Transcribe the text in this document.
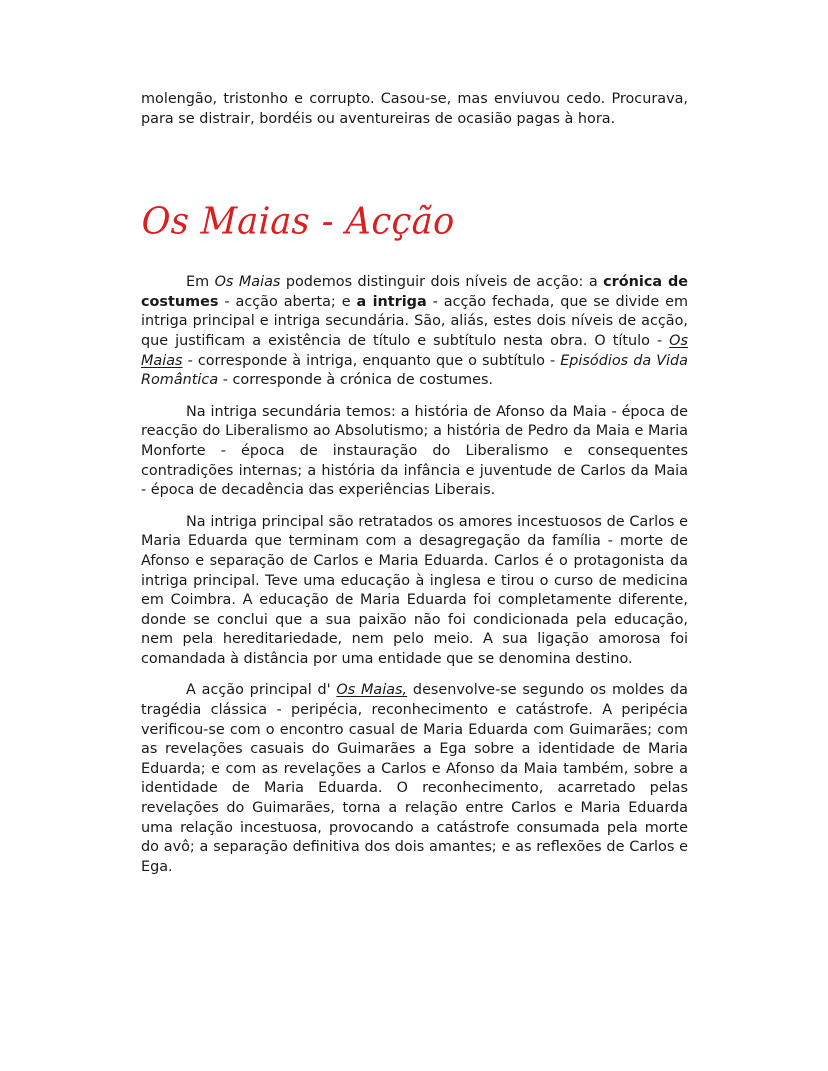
molengão, tristonho e corrupto. Casou-se, mas enviuvou cedo. Procurava, para se distrair, bordéis ou aventureiras de ocasião pagas à hora.

Os Maias - Acção

Em Os Maias podemos distinguir dois níveis de acção: a crónica de costumes - acção aberta; e a intriga - acção fechada, que se divide em intriga principal e intriga secundária. São, aliás, estes dois níveis de acção, que justificam a existência de título e subtítulo nesta obra. O título - Os Maias - corresponde à intriga, enquanto que o subtítulo - Episódios da Vida Romântica - corresponde à crónica de costumes.

Na intriga secundária temos: a história de Afonso da Maia - época de reacção do Liberalismo ao Absolutismo; a história de Pedro da Maia e Maria Monforte - época de instauração do Liberalismo e consequentes contradições internas; a história da infância e juventude de Carlos da Maia - época de decadência das experiências Liberais.

Na intriga principal são retratados os amores incestuosos de Carlos e Maria Eduarda que terminam com a desagregação da família - morte de Afonso e separação de Carlos e Maria Eduarda. Carlos é o protagonista da intriga principal. Teve uma educação à inglesa e tirou o curso de medicina em Coimbra. A educação de Maria Eduarda foi completamente diferente, donde se conclui que a sua paixão não foi condicionada pela educação, nem pela hereditariedade, nem pelo meio. A sua ligação amorosa foi comandada à distância por uma entidade que se denomina destino.

A acção principal d' Os Maias, desenvolve-se segundo os moldes da tragédia clássica - peripécia, reconhecimento e catástrofe. A peripécia verificou-se com o encontro casual de Maria Eduarda com Guimarães; com as revelações casuais do Guimarães a Ega sobre a identidade de Maria Eduarda; e com as revelações a Carlos e Afonso da Maia também, sobre a identidade de Maria Eduarda. O reconhecimento, acarretado pelas revelações do Guimarães, torna a relação entre Carlos e Maria Eduarda uma relação incestuosa, provocando a catástrofe consumada pela morte do avô; a separação definitiva dos dois amantes; e as reflexões de Carlos e Ega.
